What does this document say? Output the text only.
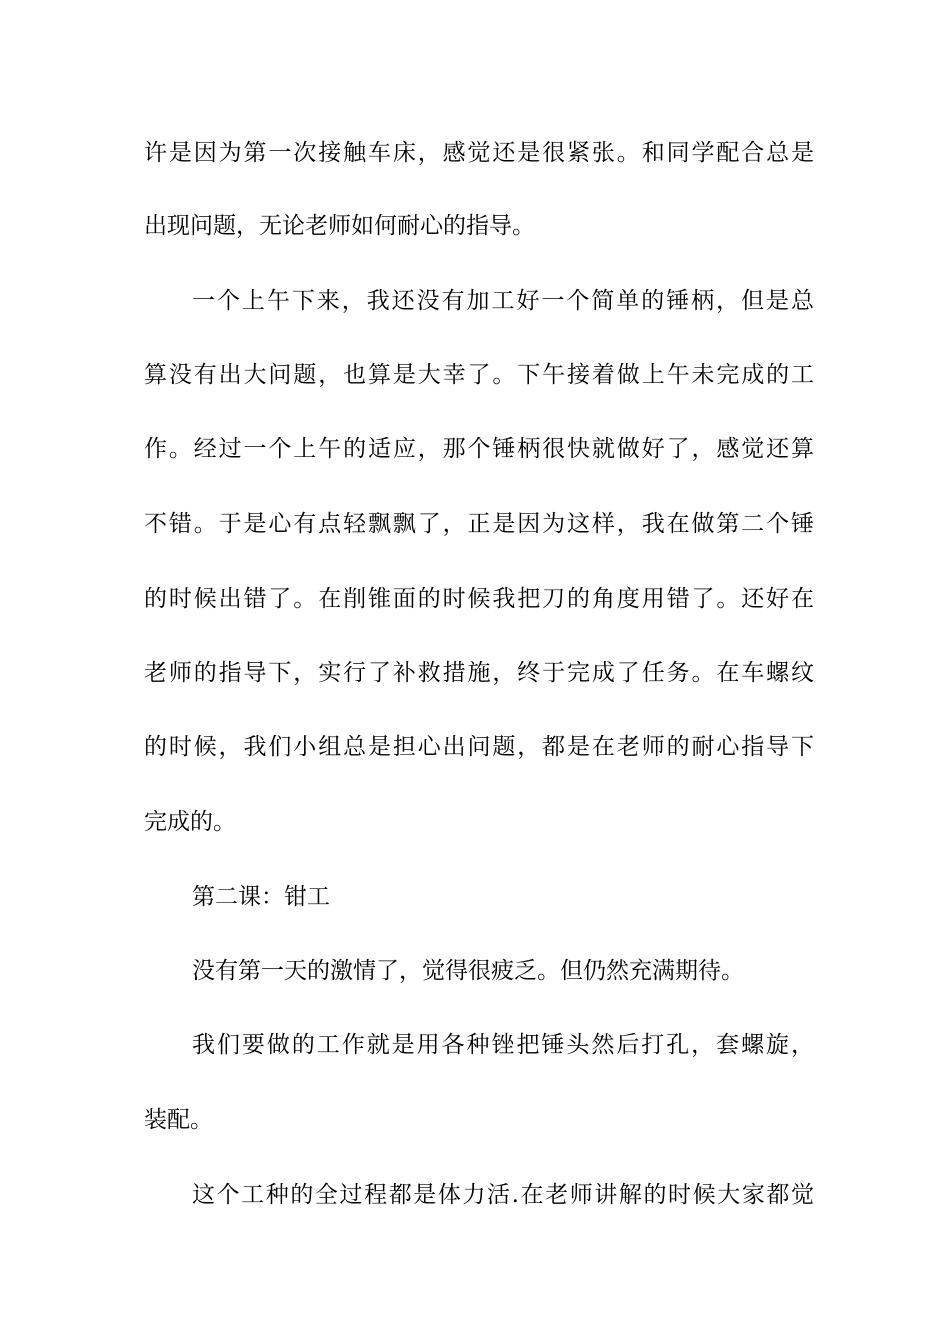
许是因为第一次接触车床，感觉还是很紧张。和同学配合总是
出现问题，无论老师如何耐心的指导。
一个上午下来，我还没有加工好一个简单的锤柄，但是总
算没有出大问题，也算是大幸了。下午接着做上午未完成的工
作。经过一个上午的适应，那个锤柄很快就做好了，感觉还算
不错。于是心有点轻飘飘了，正是因为这样，我在做第二个锤
的时候出错了。在削锥面的时候我把刀的角度用错了。还好在
老师的指导下，实行了补救措施，终于完成了任务。在车螺纹
的时候，我们小组总是担心出问题，都是在老师的耐心指导下
完成的。
第二课：钳工
没有第一天的激情了，觉得很疲乏。但仍然充满期待。
我们要做的工作就是用各种锉把锤头然后打孔，套螺旋，
装配。
这个工种的全过程都是体力活.在老师讲解的时候大家都觉
